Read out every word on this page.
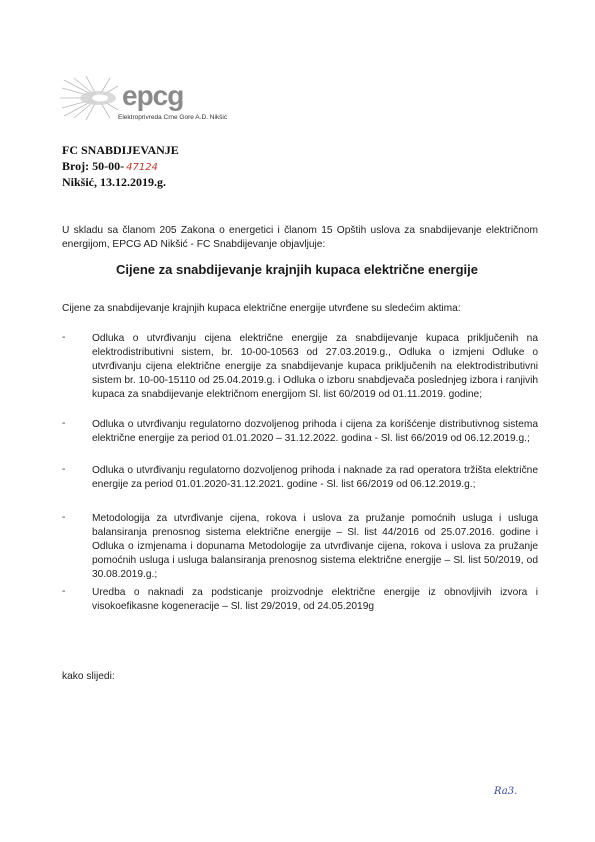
epcg
Elektroprivreda Crne Gore A.D. Nikšić
FC SNABDIJEVANJE
Broj: 50-00- 47124
Nikšić, 13.12.2019.g.
U skladu sa članom 205 Zakona o energetici i članom 15 Opštih uslova za snabdijevanje električnom energijom, EPCG AD Nikšić - FC Snabdijevanje objavljuje:
Cijene za snabdijevanje krajnjih kupaca električne energije
Cijene za snabdijevanje krajnjih kupaca električne energije utvrđene su sledećim aktima:
-	Odluka o utvrđivanju cijena električne energije za snabdijevanje kupaca priključenih na elektrodistributivni sistem, br. 10-00-10563 od 27.03.2019.g., Odluka o izmjeni Odluke o utvrđivanju cijena električne energije za snabdijevanje kupaca priključenih na elektrodistributivni sistem br. 10-00-15110 od 25.04.2019.g. i Odluka o izboru snabdjevača poslednjeg izbora i ranjivih kupaca za snabdijevanje električnom energijom Sl. list 60/2019 od 01.11.2019. godine;
-	Odluka o utvrđivanju regulatorno dozvoljenog prihoda i cijena za korišćenje distributivnog sistema električne energije za period 01.01.2020 – 31.12.2022. godina - Sl. list 66/2019 od 06.12.2019.g.;
-	Odluka o utvrđivanju regulatorno dozvoljenog prihoda i naknade za rad operatora tržišta električne energije za period 01.01.2020-31.12.2021. godine - Sl. list 66/2019 od 06.12.2019.g.;
-	Metodologija za utvrđivanje cijena, rokova i uslova za pružanje pomoćnih usluga i usluga balansiranja prenosnog sistema električne energije – Sl. list 44/2016 od 25.07.2016. godine i Odluka o izmjenama i dopunama Metodologije za utvrđivanje cijena, rokova i uslova za pružanje pomoćnih usluga i usluga balansiranja prenosnog sistema električne energije – Sl. list 50/2019, od 30.08.2019.g.;
-	Uredba o naknadi za podsticanje proizvodnje električne energije iz obnovljivih izvora i visokoefikasne kogeneracije – Sl. list 29/2019, od 24.05.2019g
kako slijedi:
Ra3.
